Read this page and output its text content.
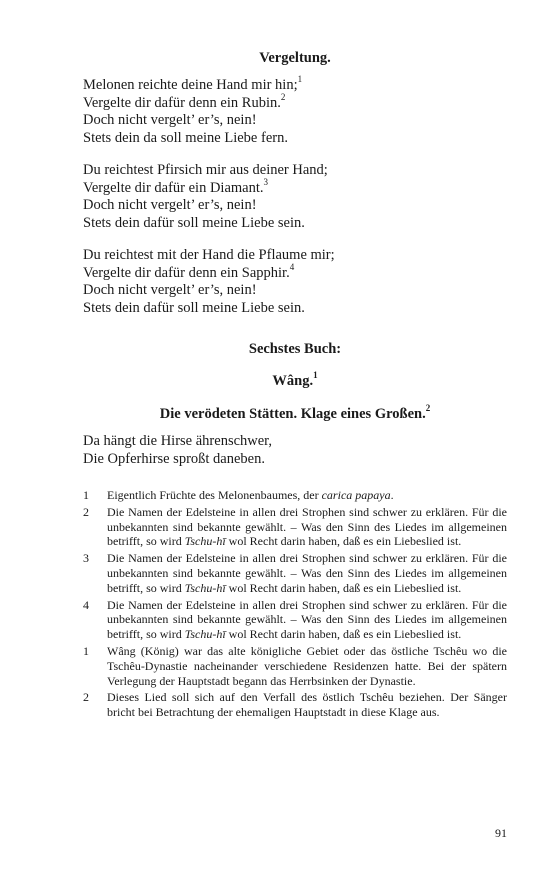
Vergeltung.
Melonen reichte deine Hand mir hin;$^1$
Vergelte dir dafür denn ein Rubin.$^2$
Doch nicht vergelt’ er’s, nein!
Stets dein da soll meine Liebe fern.
Du reichtest Pfirsich mir aus deiner Hand;
Vergelte dir dafür ein Diamant.$^3$
Doch nicht vergelt’ er’s, nein!
Stets dein dafür soll meine Liebe sein.
Du reichtest mit der Hand die Pflaume mir;
Vergelte dir dafür denn ein Sapphir.$^4$
Doch nicht vergelt’ er’s, nein!
Stets dein dafür soll meine Liebe sein.
Sechstes Buch:
Wâng.$^1$
Die verödeten Stätten. Klage eines Großen.$^2$
Da hängt die Hirse ährenschwer,
Die Opferhirse sproßt daneben.
1	Eigentlich Früchte des Melonenbaumes, der carica papaya.
2	Die Namen der Edelsteine in allen drei Strophen sind schwer zu erklären. Für die unbekannten sind bekannte gewählt. – Was den Sinn des Liedes im allgemeinen betrifft, so wird Tschu-hī wol Recht darin haben, daß es ein Liebeslied ist.
3	Die Namen der Edelsteine in allen drei Strophen sind schwer zu erklären. Für die unbekannten sind bekannte gewählt. – Was den Sinn des Liedes im allgemeinen betrifft, so wird Tschu-hī wol Recht darin haben, daß es ein Liebeslied ist.
4	Die Namen der Edelsteine in allen drei Strophen sind schwer zu erklären. Für die unbekannten sind bekannte gewählt. – Was den Sinn des Liedes im allgemeinen betrifft, so wird Tschu-hī wol Recht darin haben, daß es ein Liebeslied ist.
1	Wâng (König) war das alte königliche Gebiet oder das östliche Tschêu wo die Tschêu-Dynastie nacheinander verschiedene Residenzen hatte. Bei der spätern Verlegung der Hauptstadt begann das Herrbsinken der Dynastie.
2	Dieses Lied soll sich auf den Verfall des östlich Tschêu beziehen. Der Sänger bricht bei Betrachtung der ehemaligen Hauptstadt in diese Klage aus.
91
